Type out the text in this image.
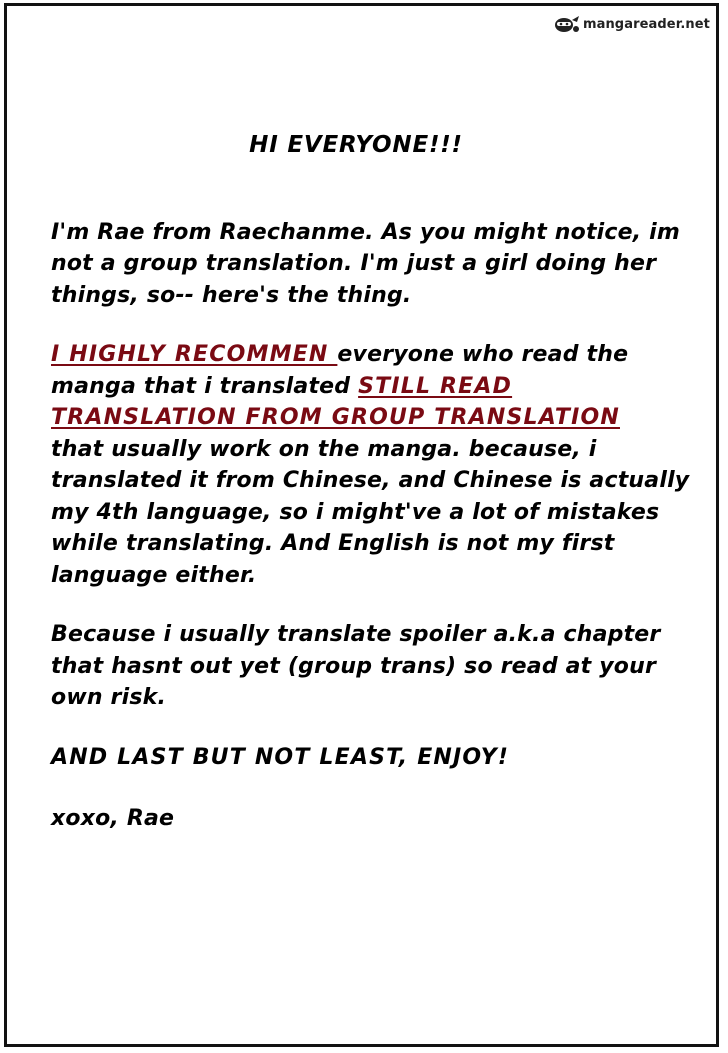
mangareader.net
HI EVERYONE!!!
I'm Rae from Raechanme. As you might notice, im
not a group translation. I'm just a girl doing her
things, so-- here's the thing.
I HIGHLY RECOMMEN everyone who read the
manga that i translated STILL READ
TRANSLATION FROM GROUP TRANSLATION
that usually work on the manga. because, i
translated it from Chinese, and Chinese is actually
my 4th language, so i might've a lot of mistakes
while translating. And English is not my first
language either.
Because i usually translate spoiler a.k.a chapter
that hasnt out yet (group trans) so read at your
own risk.
AND LAST BUT NOT LEAST, ENJOY!
xoxo, Rae
